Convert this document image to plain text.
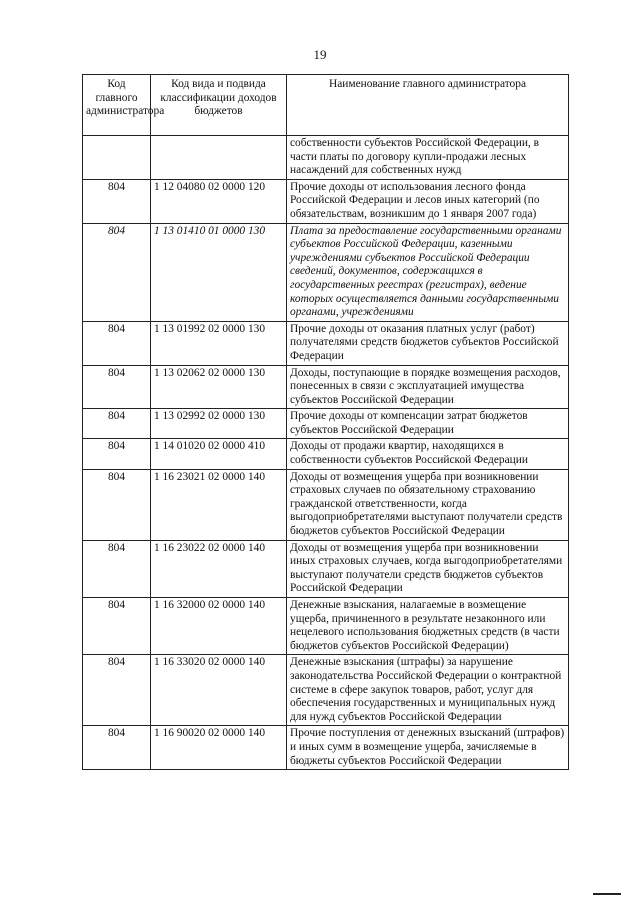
19
Код главного администратора	Код вида и подвида классификации доходов бюджетов	Наименование главного администратора
		собственности субъектов Российской Федерации, в части платы по договору купли-продажи лесных насаждений для собственных нужд
804	1 12 04080 02 0000 120	Прочие доходы от использования лесного фонда Российской Федерации и лесов иных категорий (по обязательствам, возникшим до 1 января 2007 года)
804	1 13 01410 01 0000 130	Плата за предоставление государственными органами субъектов Российской Федерации, казенными учреждениями субъектов Российской Федерации сведений, документов, содержащихся в государственных реестрах (регистрах), ведение которых осуществляется данными государственными органами, учреждениями
804	1 13 01992 02 0000 130	Прочие доходы от оказания платных услуг (работ) получателями средств бюджетов субъектов Российской Федерации
804	1 13 02062 02 0000 130	Доходы, поступающие в порядке возмещения расходов, понесенных в связи с эксплуатацией имущества субъектов Российской Федерации
804	1 13 02992 02 0000 130	Прочие доходы от компенсации затрат бюджетов субъектов Российской Федерации
804	1 14 01020 02 0000 410	Доходы от продажи квартир, находящихся в собственности субъектов Российской Федерации
804	1 16 23021 02 0000 140	Доходы от возмещения ущерба при возникновении страховых случаев по обязательному страхованию гражданской ответственности, когда выгодоприобретателями выступают получатели средств бюджетов субъектов Российской Федерации
804	1 16 23022 02 0000 140	Доходы от возмещения ущерба при возникновении иных страховых случаев, когда выгодоприобретателями выступают получатели средств бюджетов субъектов Российской Федерации
804	1 16 32000 02 0000 140	Денежные взыскания, налагаемые в возмещение ущерба, причиненного в результате незаконного или нецелевого использования бюджетных средств (в части бюджетов субъектов Российской Федерации)
804	1 16 33020 02 0000 140	Денежные взыскания (штрафы) за нарушение законодательства Российской Федерации о контрактной системе в сфере закупок товаров, работ, услуг для обеспечения государственных и муниципальных нужд для нужд субъектов Российской Федерации
804	1 16 90020 02 0000 140	Прочие поступления от денежных взысканий (штрафов) и иных сумм в возмещение ущерба, зачисляемые в бюджеты субъектов Российской Федерации
